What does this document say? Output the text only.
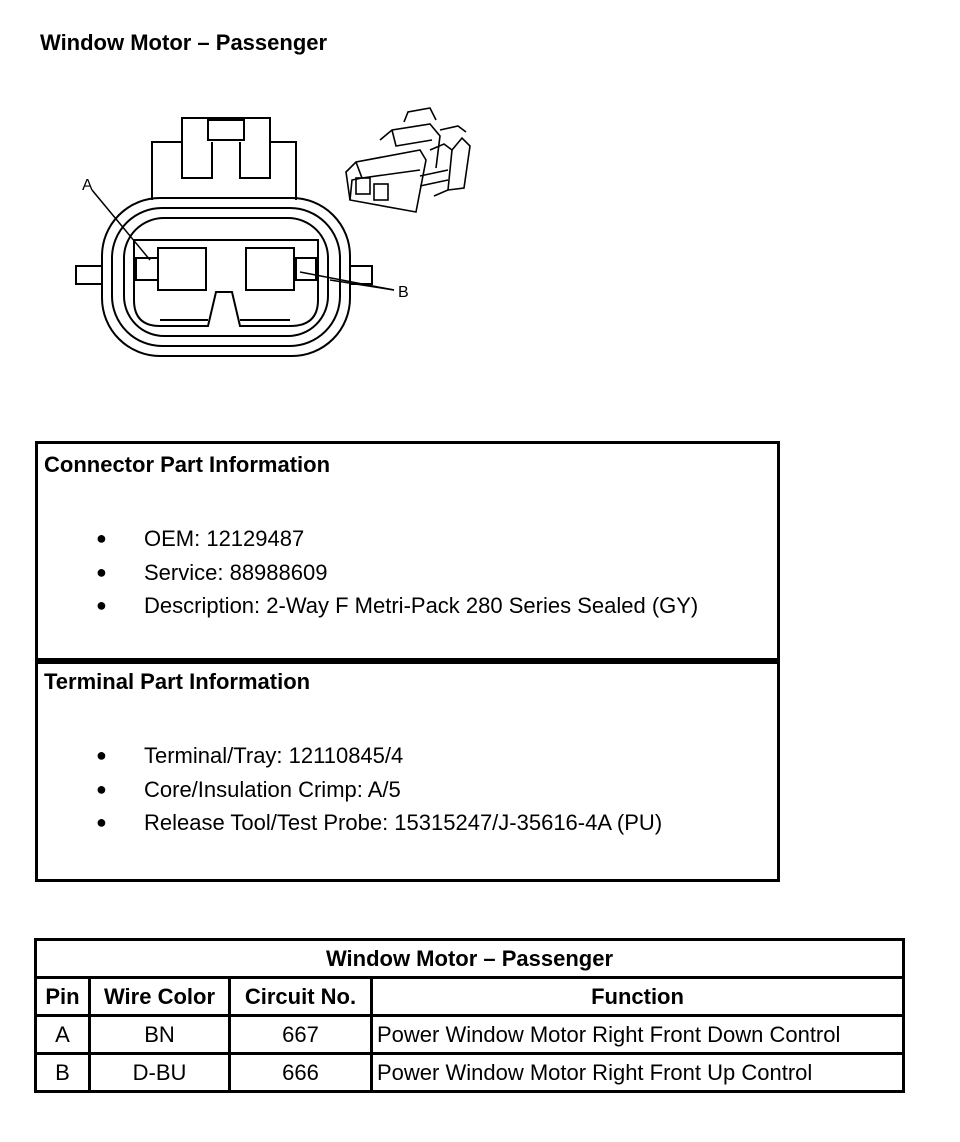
Window Motor – Passenger
A
B
Connector Part Information
● OEM: 12129487
● Service: 88988609
● Description: 2-Way F Metri-Pack 280 Series Sealed (GY)
Terminal Part Information
● Terminal/Tray: 12110845/4
● Core/Insulation Crimp: A/5
● Release Tool/Test Probe: 15315247/J-35616-4A (PU)
Window Motor – Passenger			
Pin	Wire Color	Circuit No.	Function
A	BN	667	Power Window Motor Right Front Down Control
B	D-BU	666	Power Window Motor Right Front Up Control
